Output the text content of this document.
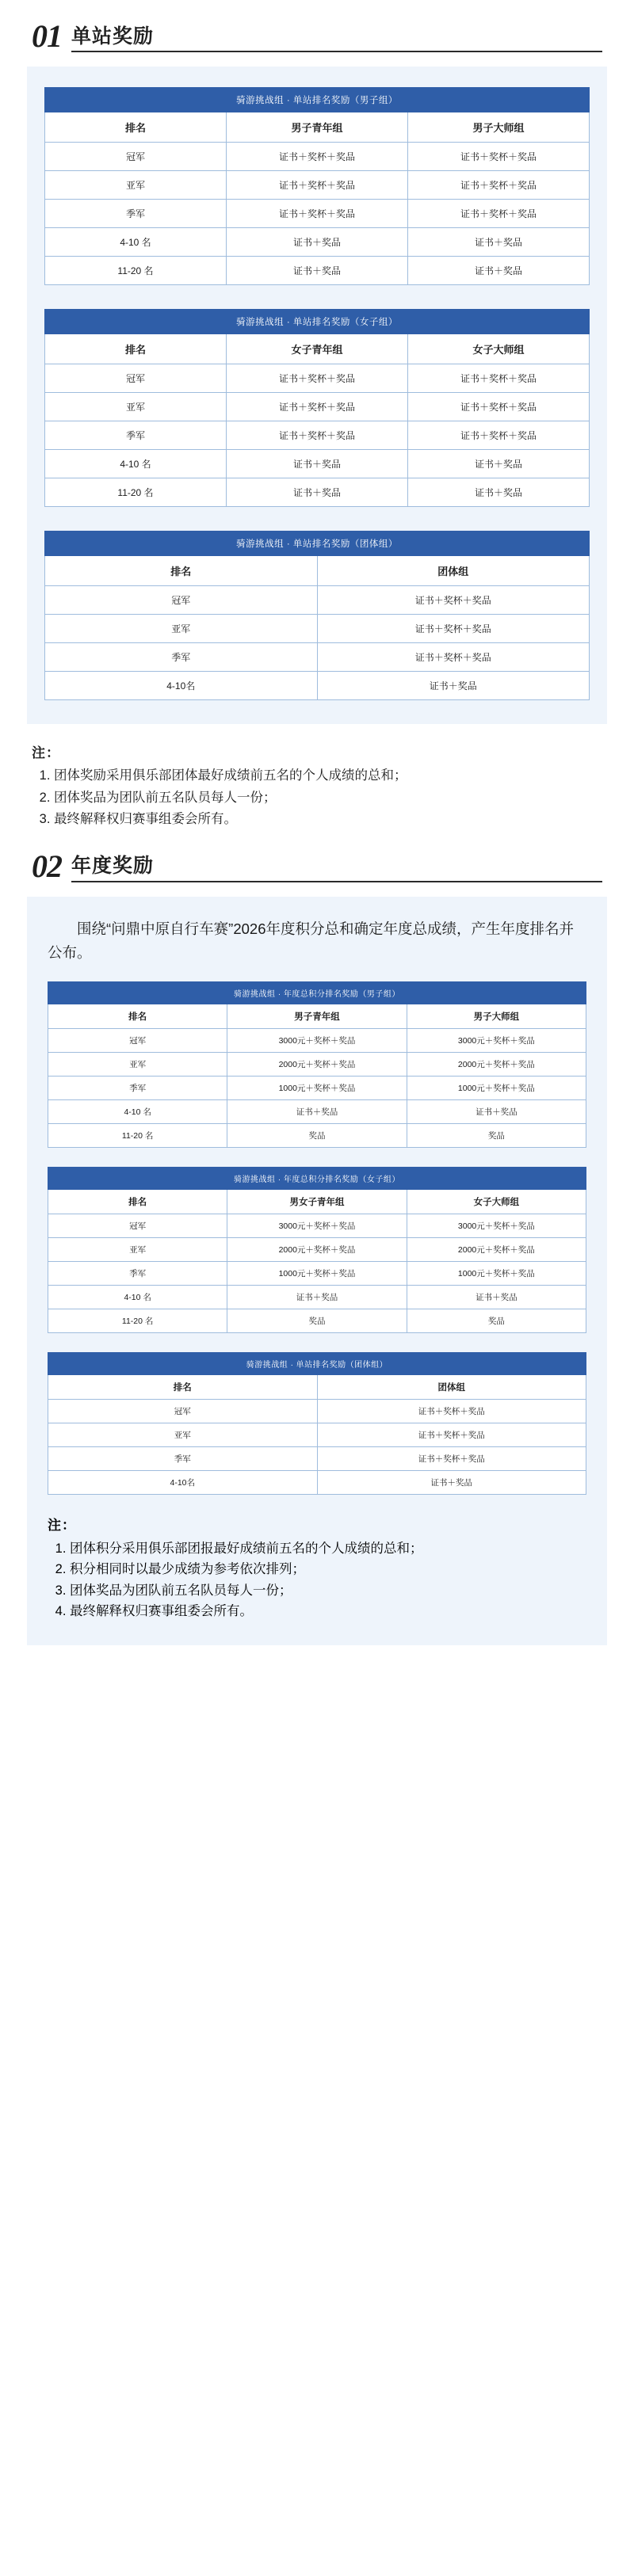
01 单站奖励
骑游挑战组 · 单站排名奖励（男子组）		
排名	男子青年组	男子大师组
冠军	证书＋奖杯＋奖品	证书＋奖杯＋奖品
亚军	证书＋奖杯＋奖品	证书＋奖杯＋奖品
季军	证书＋奖杯＋奖品	证书＋奖杯＋奖品
4-10 名	证书＋奖品	证书＋奖品
11-20 名	证书＋奖品	证书＋奖品
骑游挑战组 · 单站排名奖励（女子组）		
排名	女子青年组	女子大师组
冠军	证书＋奖杯＋奖品	证书＋奖杯＋奖品
亚军	证书＋奖杯＋奖品	证书＋奖杯＋奖品
季军	证书＋奖杯＋奖品	证书＋奖杯＋奖品
4-10 名	证书＋奖品	证书＋奖品
11-20 名	证书＋奖品	证书＋奖品
骑游挑战组 · 单站排名奖励（团体组）	
排名	团体组
冠军	证书＋奖杯＋奖品
亚军	证书＋奖杯＋奖品
季军	证书＋奖杯＋奖品
4-10名	证书＋奖品
注：
1. 团体奖励采用俱乐部团体最好成绩前五名的个人成绩的总和；
2. 团体奖品为团队前五名队员每人一份；
3. 最终解释权归赛事组委会所有。
02 年度奖励
围绕“问鼎中原自行车赛”2026年度积分总和确定年度总成绩，产生年度排名并公布。
骑游挑战组 · 年度总积分排名奖励（男子组）		
排名	男子青年组	男子大师组
冠军	3000元＋奖杯＋奖品	3000元＋奖杯＋奖品
亚军	2000元＋奖杯＋奖品	2000元＋奖杯＋奖品
季军	1000元＋奖杯＋奖品	1000元＋奖杯＋奖品
4-10 名	证书＋奖品	证书＋奖品
11-20 名	奖品	奖品
骑游挑战组 · 年度总积分排名奖励（女子组）		
排名	男女子青年组	女子大师组
冠军	3000元＋奖杯＋奖品	3000元＋奖杯＋奖品
亚军	2000元＋奖杯＋奖品	2000元＋奖杯＋奖品
季军	1000元＋奖杯＋奖品	1000元＋奖杯＋奖品
4-10 名	证书＋奖品	证书＋奖品
11-20 名	奖品	奖品
骑游挑战组 · 单站排名奖励（团体组）	
排名	团体组
冠军	证书＋奖杯＋奖品
亚军	证书＋奖杯＋奖品
季军	证书＋奖杯＋奖品
4-10名	证书＋奖品
注：
1. 团体积分采用俱乐部团报最好成绩前五名的个人成绩的总和；
2. 积分相同时以最少成绩为参考依次排列；
3. 团体奖品为团队前五名队员每人一份；
4. 最终解释权归赛事组委会所有。
